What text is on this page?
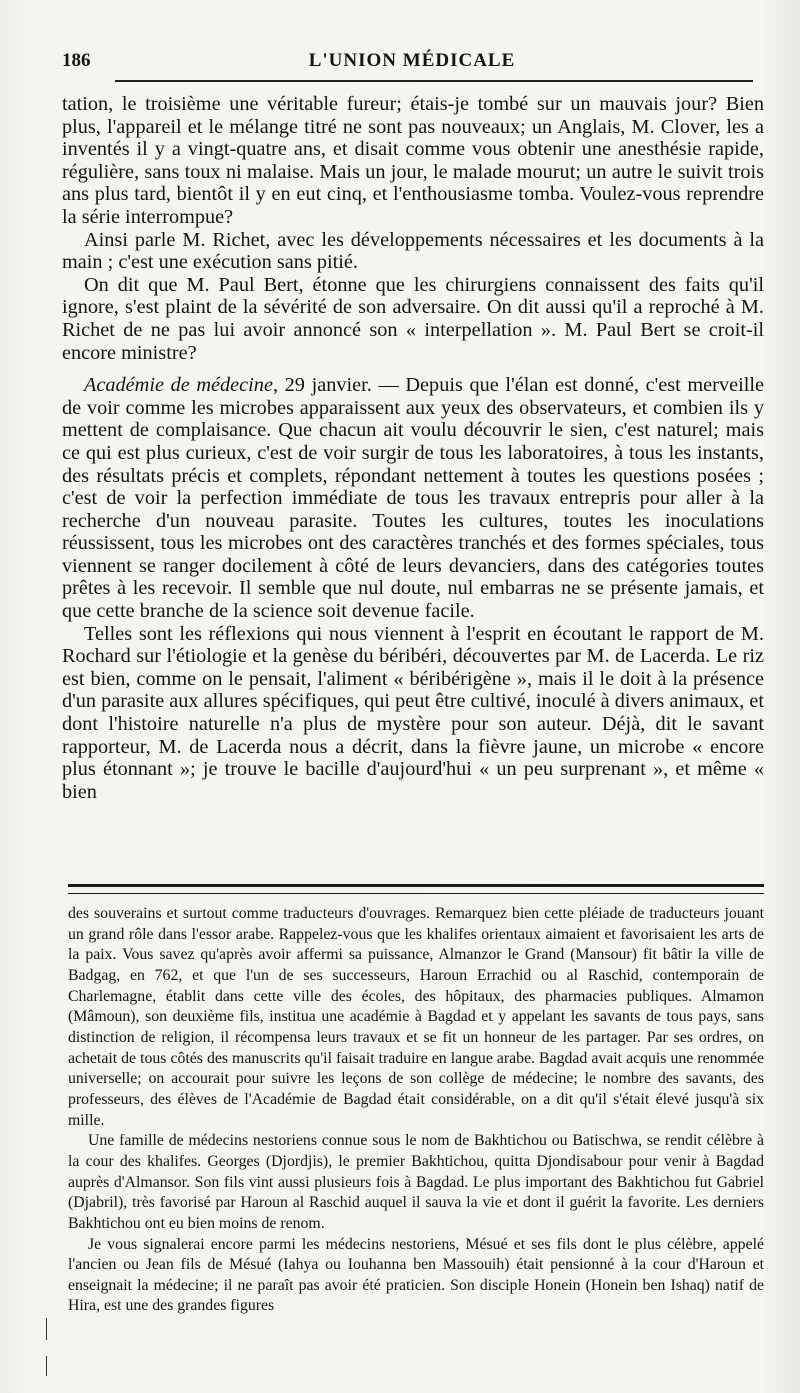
186	L'UNION MÉDICALE

tation, le troisième une véritable fureur; étais-je tombé sur un mauvais jour? Bien plus, l'appareil et le mélange titré ne sont pas nouveaux; un Anglais, M. Clover, les a inventés il y a vingt-quatre ans, et disait comme vous obtenir une anesthésie rapide, régulière, sans toux ni malaise. Mais un jour, le malade mourut; un autre le suivit trois ans plus tard, bientôt il y en eut cinq, et l'enthousiasme tomba. Voulez-vous reprendre la série interrompue?

Ainsi parle M. Richet, avec les développements nécessaires et les documents à la main ; c'est une exécution sans pitié.

On dit que M. Paul Bert, étonne que les chirurgiens connaissent des faits qu'il ignore, s'est plaint de la sévérité de son adversaire. On dit aussi qu'il a reproché à M. Richet de ne pas lui avoir annoncé son « interpellation ». M. Paul Bert se croit-il encore ministre?

Académie de médecine, 29 janvier. — Depuis que l'élan est donné, c'est merveille de voir comme les microbes apparaissent aux yeux des observateurs, et combien ils y mettent de complaisance. Que chacun ait voulu découvrir le sien, c'est naturel; mais ce qui est plus curieux, c'est de voir surgir de tous les laboratoires, à tous les instants, des résultats précis et complets, répondant nettement à toutes les questions posées ; c'est de voir la perfection immédiate de tous les travaux entrepris pour aller à la recherche d'un nouveau parasite. Toutes les cultures, toutes les inoculations réussissent, tous les microbes ont des caractères tranchés et des formes spéciales, tous viennent se ranger docilement à côté de leurs devanciers, dans des catégories toutes prêtes à les recevoir. Il semble que nul doute, nul embarras ne se présente jamais, et que cette branche de la science soit devenue facile.

Telles sont les réflexions qui nous viennent à l'esprit en écoutant le rapport de M. Rochard sur l'étiologie et la genèse du béribéri, découvertes par M. de Lacerda. Le riz est bien, comme on le pensait, l'aliment « béribérigène », mais il le doit à la présence d'un parasite aux allures spécifiques, qui peut être cultivé, inoculé à divers animaux, et dont l'histoire naturelle n'a plus de mystère pour son auteur. Déjà, dit le savant rapporteur, M. de Lacerda nous a décrit, dans la fièvre jaune, un microbe « encore plus étonnant »; je trouve le bacille d'aujourd'hui « un peu surprenant », et même « bien

des souverains et surtout comme traducteurs d'ouvrages. Remarquez bien cette pléiade de traducteurs jouant un grand rôle dans l'essor arabe. Rappelez-vous que les khalifes orientaux aimaient et favorisaient les arts de la paix. Vous savez qu'après avoir affermi sa puissance, Almanzor le Grand (Mansour) fit bâtir la ville de Badgag, en 762, et que l'un de ses successeurs, Haroun Errachid ou al Raschid, contemporain de Charlemagne, établit dans cette ville des écoles, des hôpitaux, des pharmacies publiques. Almamon (Mâmoun), son deuxième fils, institua une académie à Bagdad et y appelant les savants de tous pays, sans distinction de religion, il récompensa leurs travaux et se fit un honneur de les partager. Par ses ordres, on achetait de tous côtés des manuscrits qu'il faisait traduire en langue arabe. Bagdad avait acquis une renommée universelle; on accourait pour suivre les leçons de son collège de médecine; le nombre des savants, des professeurs, des élèves de l'Académie de Bagdad était considérable, on a dit qu'il s'était élevé jusqu'à six mille.

Une famille de médecins nestoriens connue sous le nom de Bakhtichou ou Batischwa, se rendit célèbre à la cour des khalifes. Georges (Djordjis), le premier Bakhtichou, quitta Djondisabour pour venir à Bagdad auprès d'Almansor. Son fils vint aussi plusieurs fois à Bagdad. Le plus important des Bakhtichou fut Gabriel (Djabril), très favorisé par Haroun al Raschid auquel il sauva la vie et dont il guérit la favorite. Les derniers Bakhtichou ont eu bien moins de renom.

Je vous signalerai encore parmi les médecins nestoriens, Mésué et ses fils dont le plus célèbre, appelé l'ancien ou Jean fils de Mésué (Iahya ou Iouhanna ben Massouih) était pensionné à la cour d'Haroun et enseignait la médecine; il ne paraît pas avoir été praticien. Son disciple Honein (Honein ben Ishaq) natif de Hira, est une des grandes figures
